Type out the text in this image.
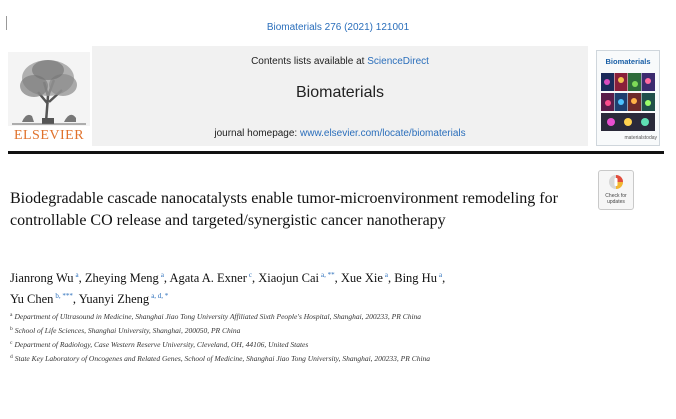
Biomaterials 276 (2021) 121001
ELSEVIER
Contents lists available at ScienceDirect
Biomaterials
journal homepage: www.elsevier.com/locate/biomaterials
Biomaterials
materialstoday
Biodegradable cascade nanocatalysts enable tumor-microenvironment remodeling for controllable CO release and targeted/synergistic cancer nanotherapy
Check for updates
Jianrong Wu $^a$, Zheying Meng $^a$, Agata A. Exner $^c$, Xiaojun Cai $^{a, **}$, Xue Xie $^a$, Bing Hu $^a$,
Yu Chen $^{b, ***}$, Yuanyi Zheng $^{a, d, *}$
$^a$ Department of Ultrasound in Medicine, Shanghai Jiao Tong University Affiliated Sixth People's Hospital, Shanghai, 200233, PR China
$^b$ School of Life Sciences, Shanghai University, Shanghai, 200050, PR China
$^c$ Department of Radiology, Case Western Reserve University, Cleveland, OH, 44106, United States
$^d$ State Key Laboratory of Oncogenes and Related Genes, School of Medicine, Shanghai Jiao Tong University, Shanghai, 200233, PR China
